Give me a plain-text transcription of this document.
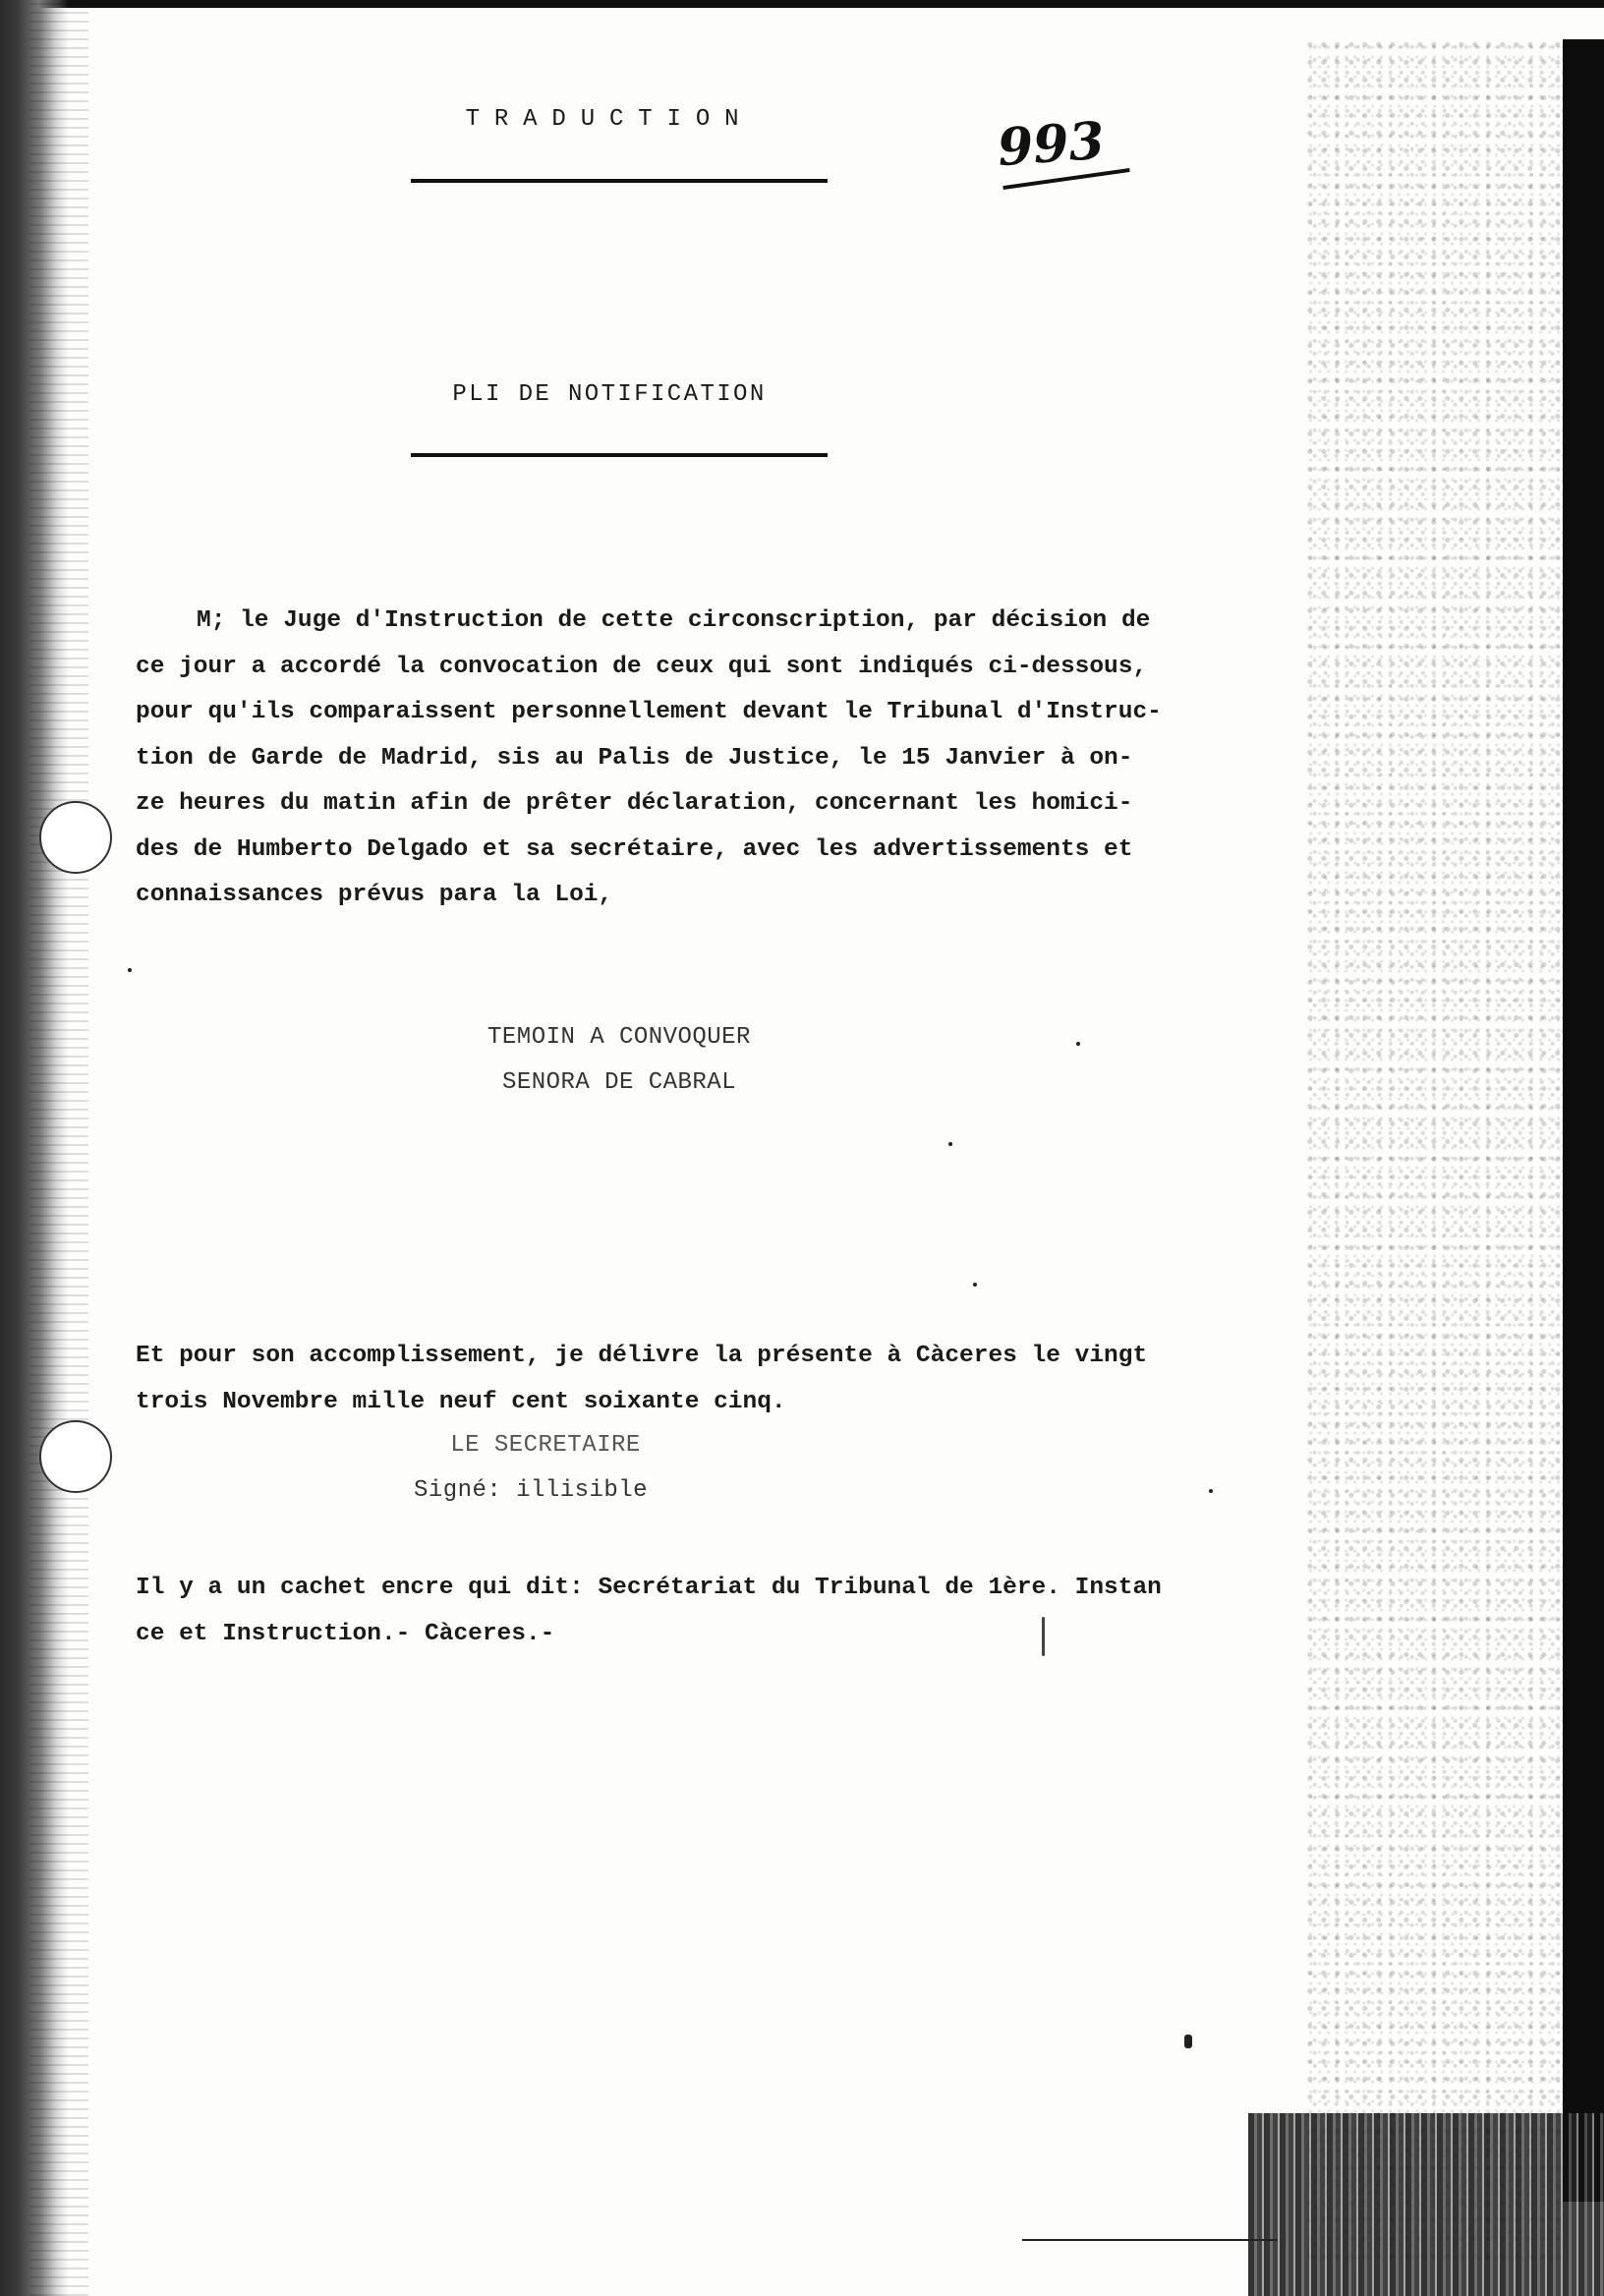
TRADUCTION	993
PLI DE NOTIFICATION
M; le Juge d'Instruction de cette circonscription, par décision de
ce jour a accordé la convocation de ceux qui sont indiqués ci-dessous,
pour qu'ils comparaissent personnellement devant le Tribunal d'Instruc-
tion de Garde de Madrid, sis au Palis de Justice, le 15 Janvier à on-
ze heures du matin afin de prêter déclaration, concernant les homici-
des de Humberto Delgado et sa secrétaire, avec les advertissements et
connaissances prévus para la Loi,
TEMOIN A CONVOQUER
SENORA DE CABRAL
Et pour son accomplissement, je délivre la présente à Càceres le vingt
trois Novembre mille neuf cent soixante cinq.
LE SECRETAIRE
Signé: illisible
Il y a un cachet encre qui dit: Secrétariat du Tribunal de 1ère. Instan
ce et Instruction.- Càceres.-
